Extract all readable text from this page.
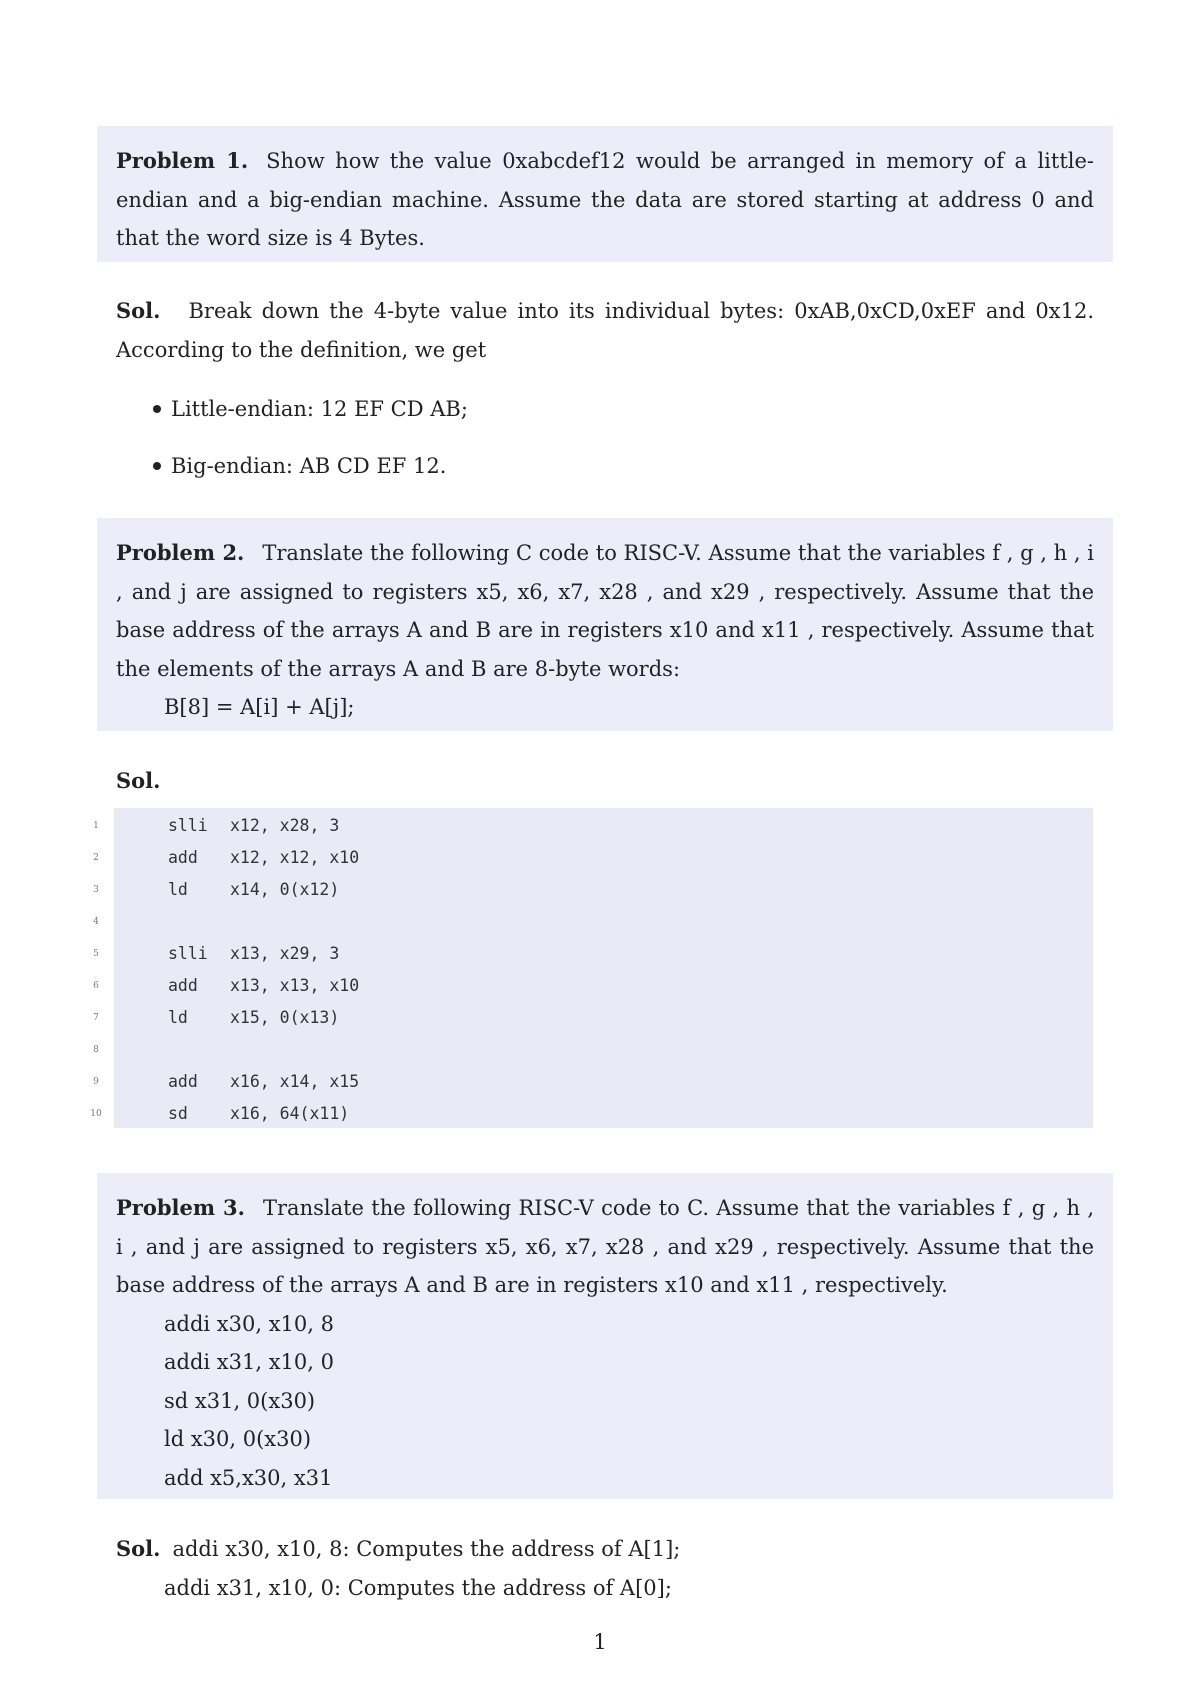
Problem 1. Show how the value 0xabcdef12 would be arranged in memory of a little-endian and a big-endian machine. Assume the data are stored starting at address 0 and that the word size is 4 Bytes.

Sol. Break down the 4-byte value into its individual bytes: 0xAB,0xCD,0xEF and 0x12. According to the definition, we get
Little-endian: 12 EF CD AB;
Big-endian: AB CD EF 12.

Problem 2. Translate the following C code to RISC-V. Assume that the variables f , g , h , i , and j are assigned to registers x5, x6, x7, x28 , and x29 , respectively. Assume that the base address of the arrays A and B are in registers x10 and x11 , respectively. Assume that the elements of the arrays A and B are 8-byte words:

B[8] = A[i] + A[j];

Sol.
1	slli x12, x28, 3
2	add x12, x12, x10
3	ld	x14, 0(x12)
4
5	slli x13, x29, 3
6	add x13, x13, x10
7	ld	x15, 0(x13)
8
9	add x16, x14, x15
10	sd	x16, 64(x11)

Problem 3. Translate the following RISC-V code to C. Assume that the variables f , g , h , i , and j are assigned to registers x5, x6, x7, x28 , and x29 , respectively. Assume that the base address of the arrays A and B are in registers x10 and x11 , respectively.

addi x30, x10, 8

addi x31, x10, 0

sd x31, 0(x30)

ld x30, 0(x30)

add x5,x30, x31

Sol. addi x30, x10, 8: Computes the address of A[1];
addi x31, x10, 0: Computes the address of A[0];
1
